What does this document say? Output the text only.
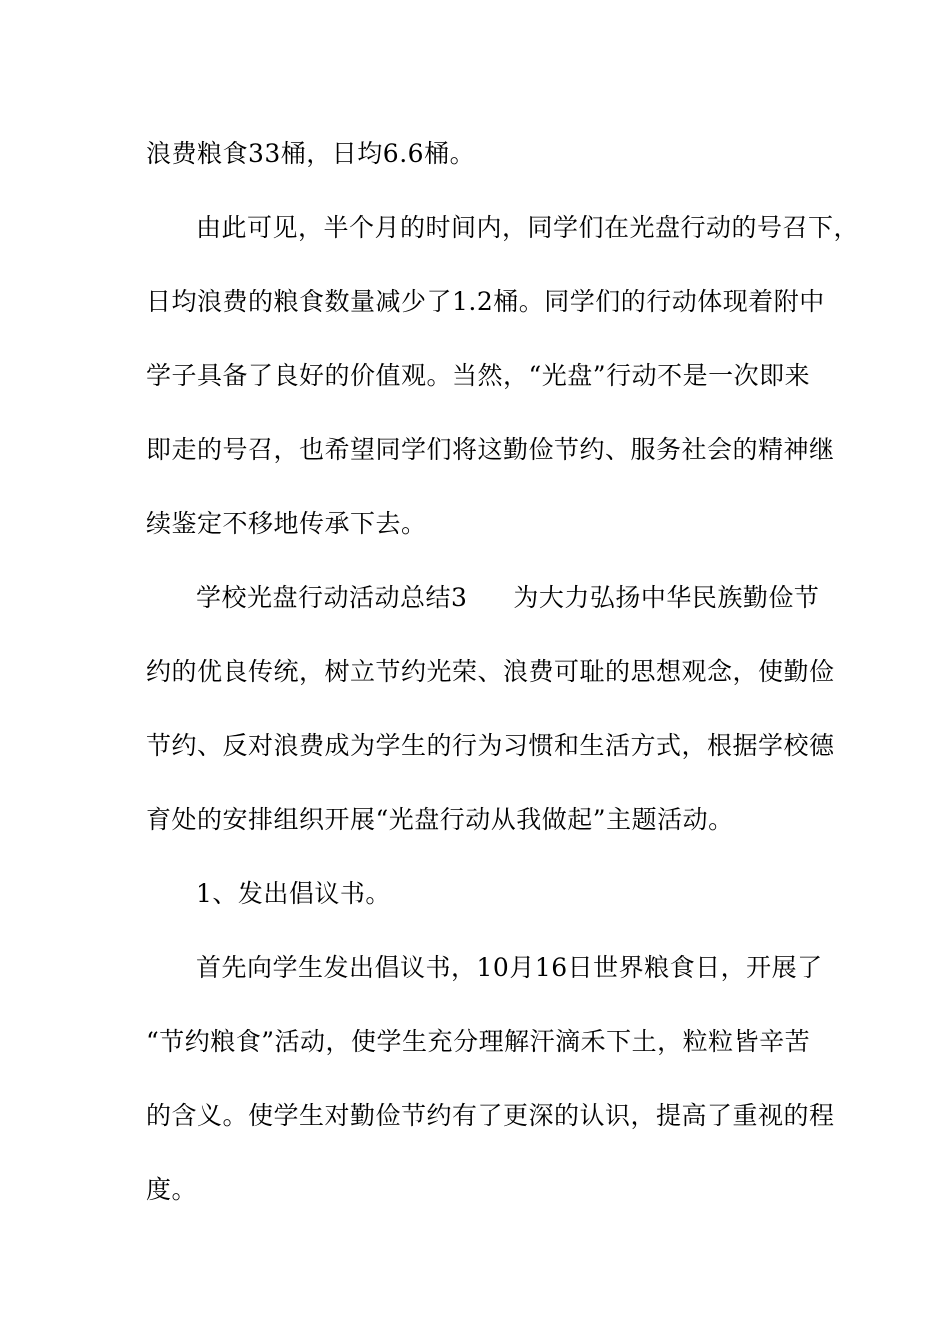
浪费粮食33桶，日均6.6桶。
由此可见，半个月的时间内，同学们在光盘行动的号召下，
日均浪费的粮食数量减少了1.2桶。同学们的行动体现着附中
学子具备了良好的价值观。当然，“光盘”行动不是一次即来
即走的号召，也希望同学们将这勤俭节约、服务社会的精神继
续鉴定不移地传承下去。
学校光盘行动活动总结3 为大力弘扬中华民族勤俭节
约的优良传统，树立节约光荣、浪费可耻的思想观念，使勤俭
节约、反对浪费成为学生的行为习惯和生活方式，根据学校德
育处的安排组织开展“光盘行动从我做起”主题活动。
1、发出倡议书。
首先向学生发出倡议书，10月16日世界粮食日，开展了
“节约粮食”活动，使学生充分理解汗滴禾下土，粒粒皆辛苦
的含义。使学生对勤俭节约有了更深的认识，提高了重视的程
度。
